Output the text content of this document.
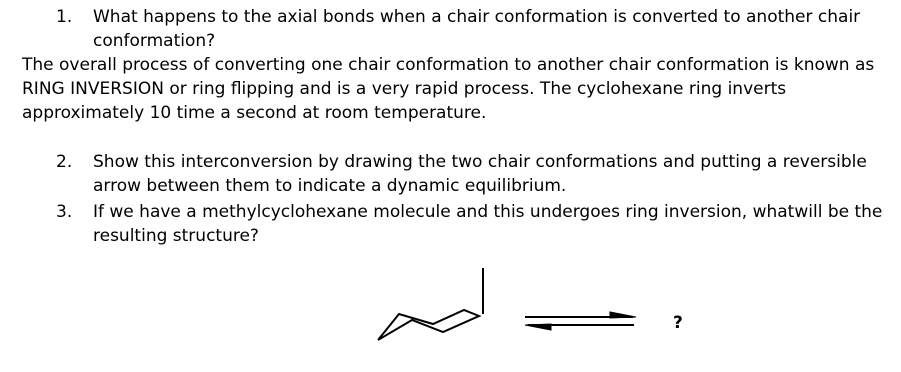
1.	What happens to the axial bonds when a chair conformation is converted to another chair conformation?
The overall process of converting one chair conformation to another chair conformation is known as RING INVERSION or ring flipping and is a very rapid process. The cyclohexane ring inverts approximately 10 time a second at room temperature.
2.	Show this interconversion by drawing the two chair conformations and putting a reversible arrow between them to indicate a dynamic equilibrium.
3.	If we have a methylcyclohexane molecule and this undergoes ring inversion, whatwill be the resulting structure?
?
